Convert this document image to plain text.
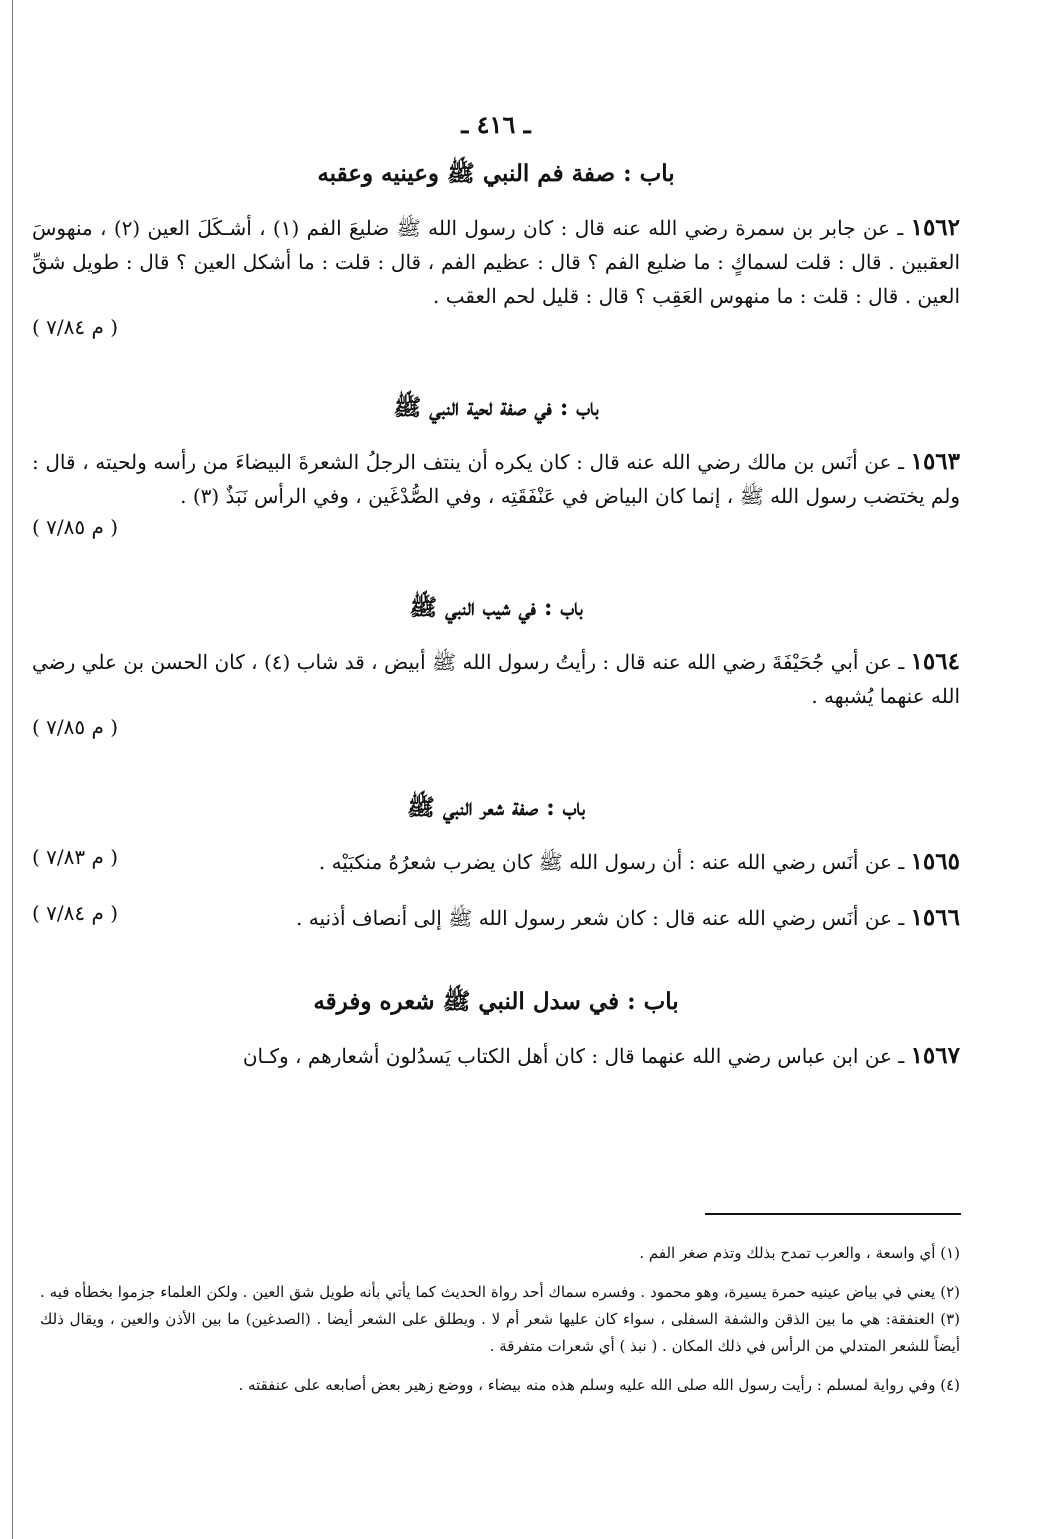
ـ ٤١٦ ـ
باب : صفة فم النبي ﷺ وعينيه وعقبه

١٥٦٢ ـ عن جابر بن سمرة رضي الله عنه قال : كان رسول الله ﷺ ضليعَ الفم (١) ، أشـكَلَ العين (٢) ، منهوسَ العقبين . قال : قلت لسماكٍ : ما ضليع الفم ؟ قال : عظيم الفم ، قال : قلت : ما أشكل العين ؟ قال : طويل شقِّ العين . قال : قلت : ما منهوس العَقِب ؟ قال : قليل لحم العقب .

( م ٧/٨٤ )
باب : في صفة لحية النبي ﷺ

١٥٦٣ ـ عن أنَس بن مالك رضي الله عنه قال : كان يكره أن ينتف الرجلُ الشعرةَ البيضاءَ من رأسه ولحيته ، قال : ولم يختضب رسول الله ﷺ ، إنما كان البياض في عَنْفَقَتِه ، وفي الصُّدْغَين ، وفي الرأس نَبَذٌ (٣) .

( م ٧/٨٥ )
باب : في شيب النبي ﷺ

١٥٦٤ ـ عن أبي جُحَيْفَةَ رضي الله عنه قال : رأيتُ رسول الله ﷺ أبيض ، قد شاب (٤) ، كان الحسن بن علي رضي الله عنهما يُشبهه .

( م ٧/٨٥ )
باب : صفة شعر النبي ﷺ
( م ٧/٨٣ )	١٥٦٥ ـ عن أنَس رضي الله عنه : أن رسول الله ﷺ كان يضرب شعرُهُ منكبَيْه .

( م ٧/٨٤ )	١٥٦٦ ـ عن أنَس رضي الله عنه قال : كان شعر رسول الله ﷺ إلى أنصاف أذنيه .

باب : في سدل النبي ﷺ شعره وفرقه

١٥٦٧ ـ عن ابن عباس رضي الله عنهما قال : كان أهل الكتاب يَسدُلون أشعارهم ، وكـان

(١) أي واسعة ، والعرب تمدح بذلك وتذم صغر الفم .

(٢) يعني في بياض عينيه حمرة يسيرة، وهو محمود . وفسره سماك أحد رواة الحديث كما يأتي بأنه طويل شق العين . ولكن العلماء جزموا بخطأه فيه . (٣) العنفقة: هي ما بين الذقن والشفة السفلى ، سواء كان عليها شعر أم لا . ويطلق على الشعر أيضا . (الصدغين) ما بين الأذن والعين ، ويقال ذلك أيضاً للشعر المتدلي من الرأس في ذلك المكان . ( نبذ ) أي شعرات متفرقة .

(٤) وفي رواية لمسلم : رأيت رسول الله صلى الله عليه وسلم هذه منه بيضاء ، ووضع زهير بعض أصابعه على عنفقته .
